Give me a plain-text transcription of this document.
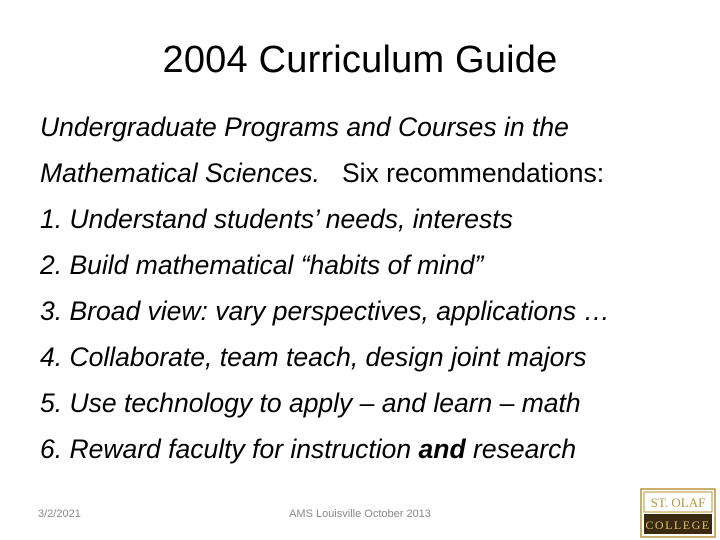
2004 Curriculum Guide
Undergraduate Programs and Courses in the
Mathematical Sciences. Six recommendations:
1. Understand students’ needs, interests
2. Build mathematical “habits of mind”
3. Broad view: vary perspectives, applications …
4. Collaborate, team teach, design joint majors
5. Use technology to apply – and learn – math
6. Reward faculty for instruction and research
3/2/2021	AMS Louisville October 2013
ST. OLAF
COLLEGE
